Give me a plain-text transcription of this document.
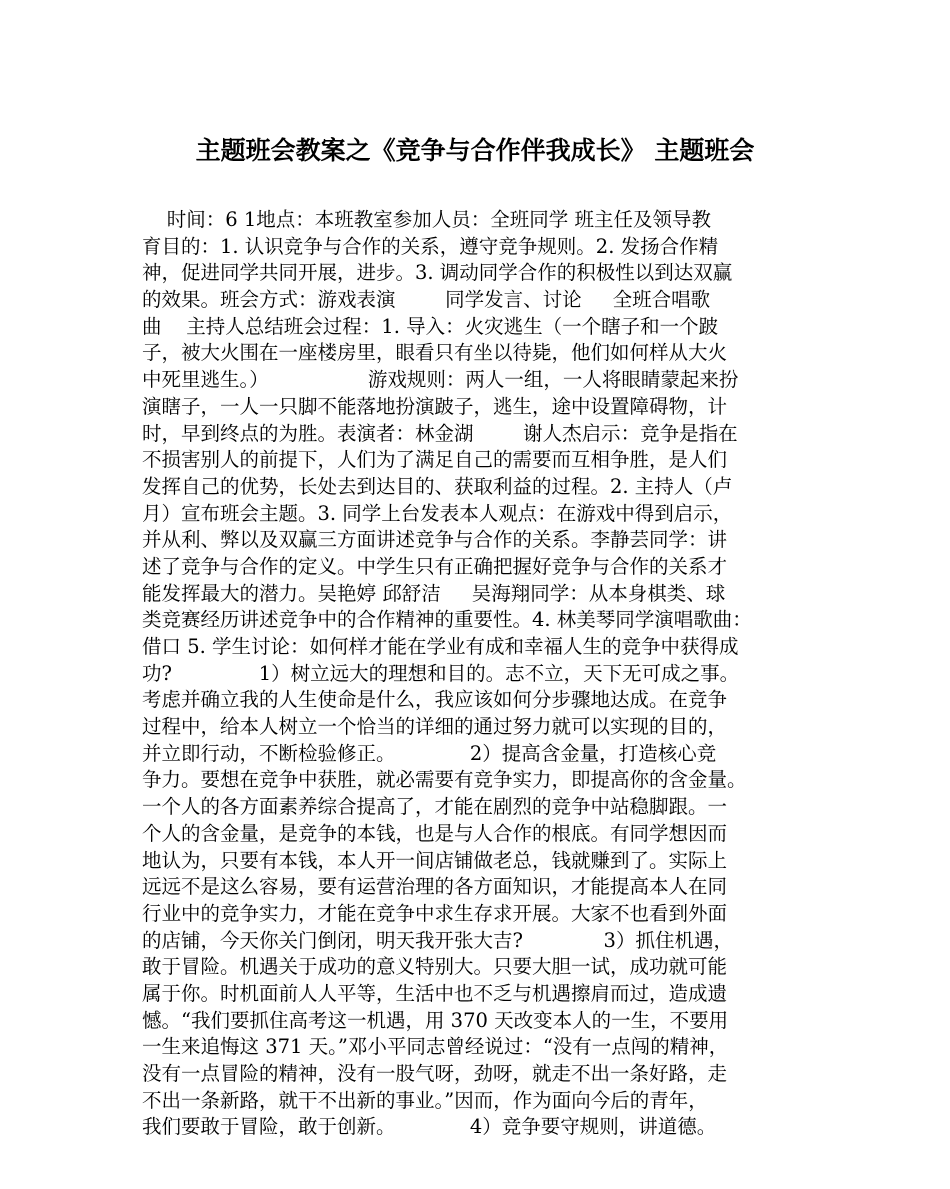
主题班会教案之《竞争与合作伴我成长》 主题班会
时间：6 1地点：本班教室参加人员：全班同学 班主任及领导教
育目的：1. 认识竞争与合作的关系，遵守竞争规则。2. 发扬合作精
神，促进同学共同开展，进步。3. 调动同学合作的积极性以到达双赢
的效果。班会方式：游戏表演        同学发言、讨论     全班合唱歌
曲    主持人总结班会过程：1. 导入：火灾逃生（一个瞎子和一个跛
子，被大火围在一座楼房里，眼看只有坐以待毙，他们如何样从大火
中死里逃生。）                游戏规则：两人一组，一人将眼睛蒙起来扮
演瞎子，一人一只脚不能落地扮演跛子，逃生，途中设置障碍物，计
时，早到终点的为胜。表演者：林金湖        谢人杰启示：竞争是指在
不损害别人的前提下，人们为了满足自己的需要而互相争胜，是人们
发挥自己的优势，长处去到达目的、获取利益的过程。2. 主持人（卢
月）宣布班会主题。3. 同学上台发表本人观点：在游戏中得到启示，
并从利、弊以及双赢三方面讲述竞争与合作的关系。李静芸同学：讲
述了竞争与合作的定义。中学生只有正确把握好竞争与合作的关系才
能发挥最大的潜力。吴艳婷 邱舒洁     吴海翔同学：从本身棋类、球
类竞赛经历讲述竞争中的合作精神的重要性。4. 林美琴同学演唱歌曲：
借口 5. 学生讨论：如何样才能在学业有成和幸福人生的竞争中获得成
功?              1）树立远大的理想和目的。志不立，天下无可成之事。
考虑并确立我的人生使命是什么，我应该如何分步骤地达成。在竞争
过程中，给本人树立一个恰当的详细的通过努力就可以实现的目的，
并立即行动，不断检验修正。            2）提高含金量，打造核心竞
争力。要想在竞争中获胜，就必需要有竞争实力，即提高你的含金量。
一个人的各方面素养综合提高了，才能在剧烈的竞争中站稳脚跟。一
个人的含金量，是竞争的本钱，也是与人合作的根底。有同学想因而
地认为，只要有本钱，本人开一间店铺做老总，钱就赚到了。实际上
远远不是这么容易，要有运营治理的各方面知识，才能提高本人在同
行业中的竞争实力，才能在竞争中求生存求开展。大家不也看到外面
的店铺，今天你关门倒闭，明天我开张大吉?             3）抓住机遇，
敢于冒险。机遇关于成功的意义特别大。只要大胆一试，成功就可能
属于你。时机面前人人平等，生活中也不乏与机遇擦肩而过，造成遗
憾。“我们要抓住高考这一机遇，用 370 天改变本人的一生，不要用
一生来追悔这 371 天。”邓小平同志曾经说过：“没有一点闯的精神，
没有一点冒险的精神，没有一股气呀，劲呀，就走不出一条好路，走
不出一条新路，就干不出新的事业。”因而，作为面向今后的青年，
我们要敢于冒险，敢于创新。            4）竞争要守规则，讲道德。
